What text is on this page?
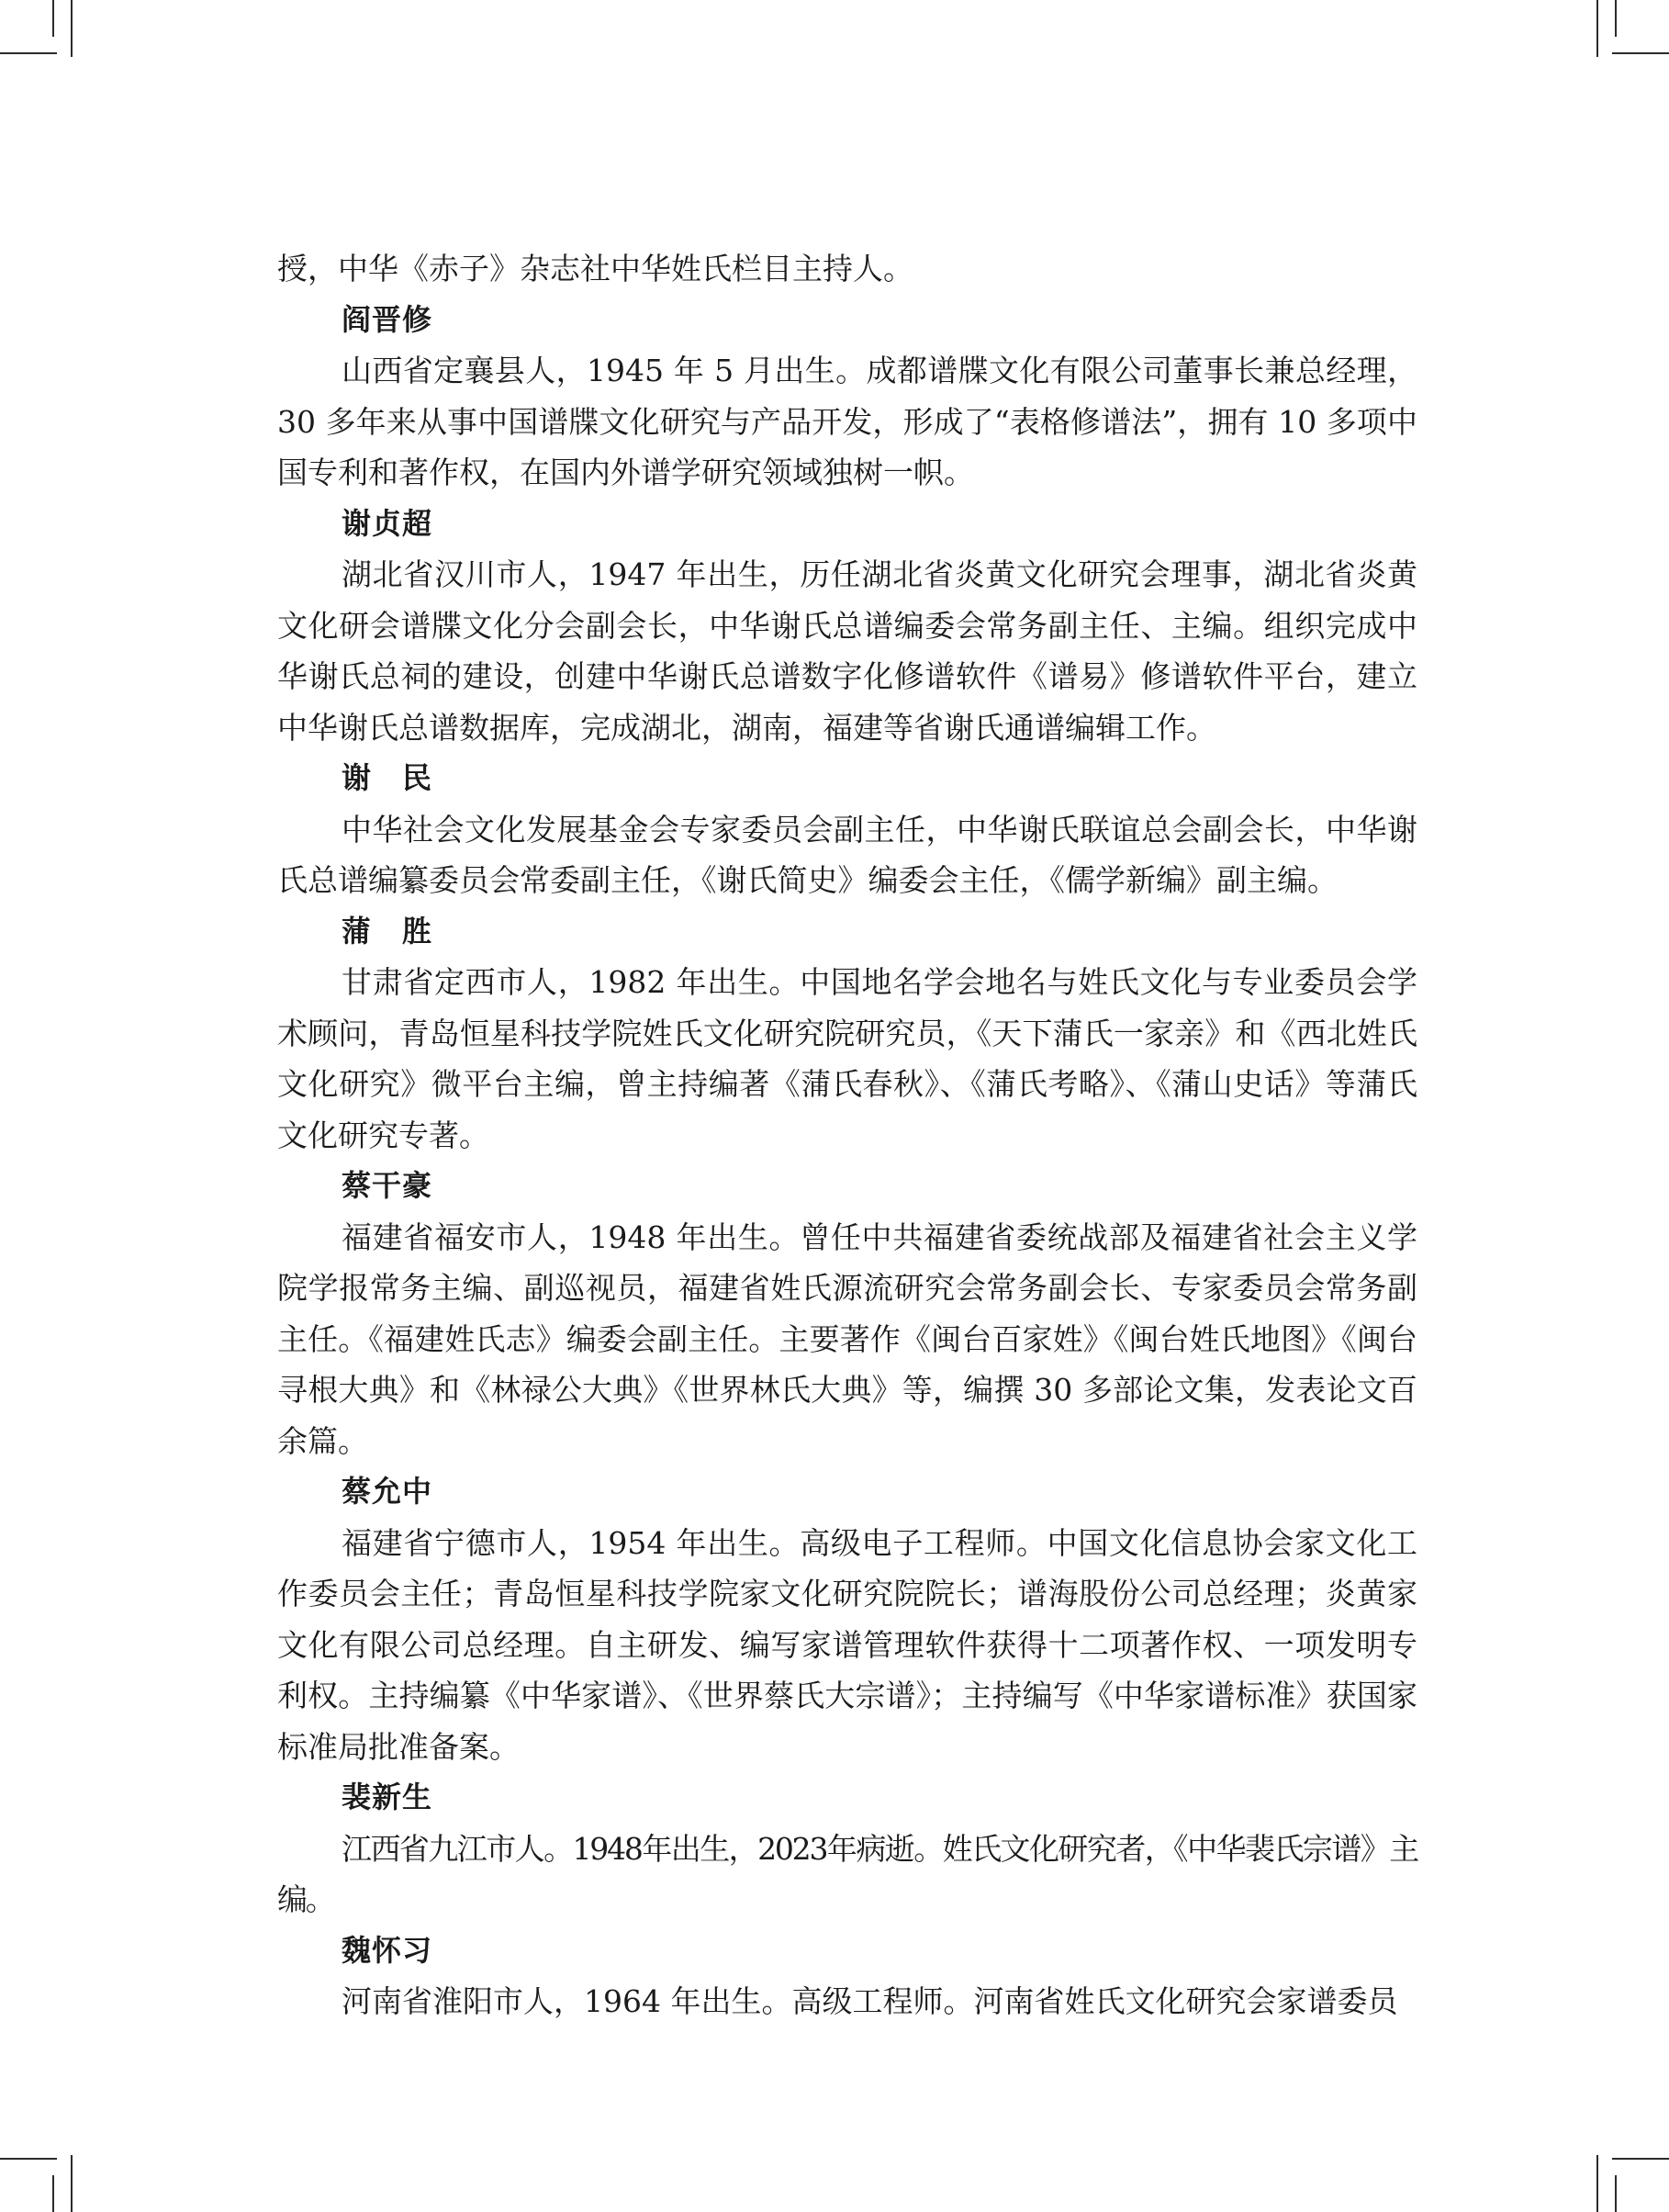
授，中华《赤子》杂志社中华姓氏栏目主持人。

阎晋修

山西省定襄县人，1945 年 5 月出生。成都谱牒文化有限公司董事长兼总经理，30 多年来从事中国谱牒文化研究与产品开发，形成了“表格修谱法”，拥有 10 多项中国专利和著作权，在国内外谱学研究领域独树一帜。

谢贞超

湖北省汉川市人，1947 年出生，历任湖北省炎黄文化研究会理事，湖北省炎黄文化研会谱牒文化分会副会长，中华谢氏总谱编委会常务副主任、主编。组织完成中华谢氏总祠的建设，创建中华谢氏总谱数字化修谱软件《谱易》修谱软件平台，建立中华谢氏总谱数据库，完成湖北，湖南，福建等省谢氏通谱编辑工作。

谢　民

中华社会文化发展基金会专家委员会副主任，中华谢氏联谊总会副会长，中华谢氏总谱编纂委员会常委副主任，《谢氏简史》编委会主任，《儒学新编》副主编。

蒲　胜

甘肃省定西市人，1982 年出生。中国地名学会地名与姓氏文化与专业委员会学术顾问，青岛恒星科技学院姓氏文化研究院研究员，《天下蒲氏一家亲》和《西北姓氏文化研究》微平台主编，曾主持编著《蒲氏春秋》、《蒲氏考略》、《蒲山史话》等蒲氏文化研究专著。

蔡干豪

福建省福安市人，1948 年出生。曾任中共福建省委统战部及福建省社会主义学院学报常务主编、副巡视员，福建省姓氏源流研究会常务副会长、专家委员会常务副主任。《福建姓氏志》编委会副主任。主要著作《闽台百家姓》《闽台姓氏地图》《闽台寻根大典》和《林禄公大典》《世界林氏大典》等，编撰 30 多部论文集，发表论文百余篇。

蔡允中

福建省宁德市人，1954 年出生。高级电子工程师。中国文化信息协会家文化工作委员会主任；青岛恒星科技学院家文化研究院院长；谱海股份公司总经理；炎黄家文化有限公司总经理。自主研发、编写家谱管理软件获得十二项著作权、一项发明专利权。主持编纂《中华家谱》、《世界蔡氏大宗谱》；主持编写《中华家谱标准》获国家标准局批准备案。

裴新生

江西省九江市人。1948年出生，2023年病逝。姓氏文化研究者，《中华裴氏宗谱》主编。

魏怀习

河南省淮阳市人，1964 年出生。高级工程师。河南省姓氏文化研究会家谱委员
